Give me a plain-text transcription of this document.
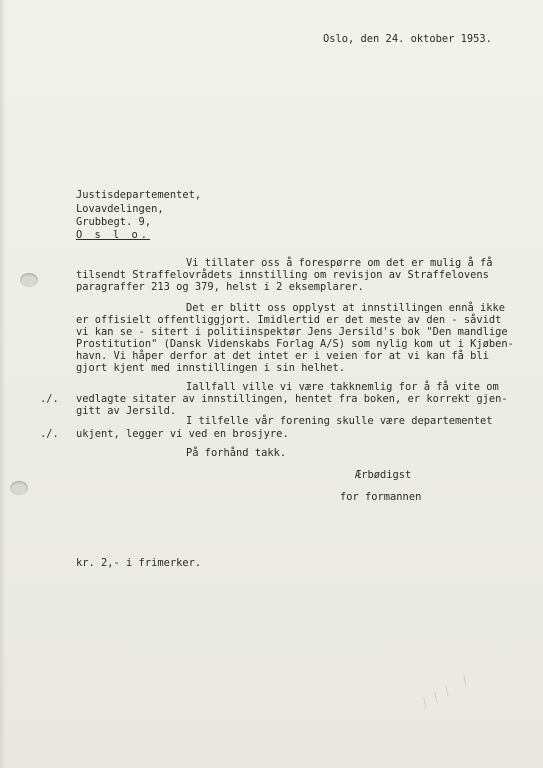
Oslo, den 24. oktober 1953.
Justisdepartementet,
Lovavdelingen,
Grubbegt. 9,
O s l o.
Vi tillater oss å forespørre om det er mulig å få
tilsendt Straffelovrådets innstilling om revisjon av Straffelovens
paragraffer 213 og 379, helst i 2 eksemplarer.
Det er blitt oss opplyst at innstillingen ennå ikke
er offisielt offentliggjort. Imidlertid er det meste av den - såvidt
vi kan se - sitert i politiinspektør Jens Jersild's bok "Den mandlige
Prostitution" (Dansk Videnskabs Forlag A/S) som nylig kom ut i Kjøben-
havn. Vi håper derfor at det intet er i veien for at vi kan få bli
gjort kjent med innstillingen i sin helhet.
Iallfall ville vi være takknemlig for å få vite om
./. vedlagte sitater av innstillingen, hentet fra boken, er korrekt gjen-
gitt av Jersild.
I tilfelle vår forening skulle være departementet
./. ukjent, legger vi ved en brosjyre.
På forhånd takk.
Ærbødigst
for formannen
kr. 2,- i frimerker.
/  /  /    ∕
